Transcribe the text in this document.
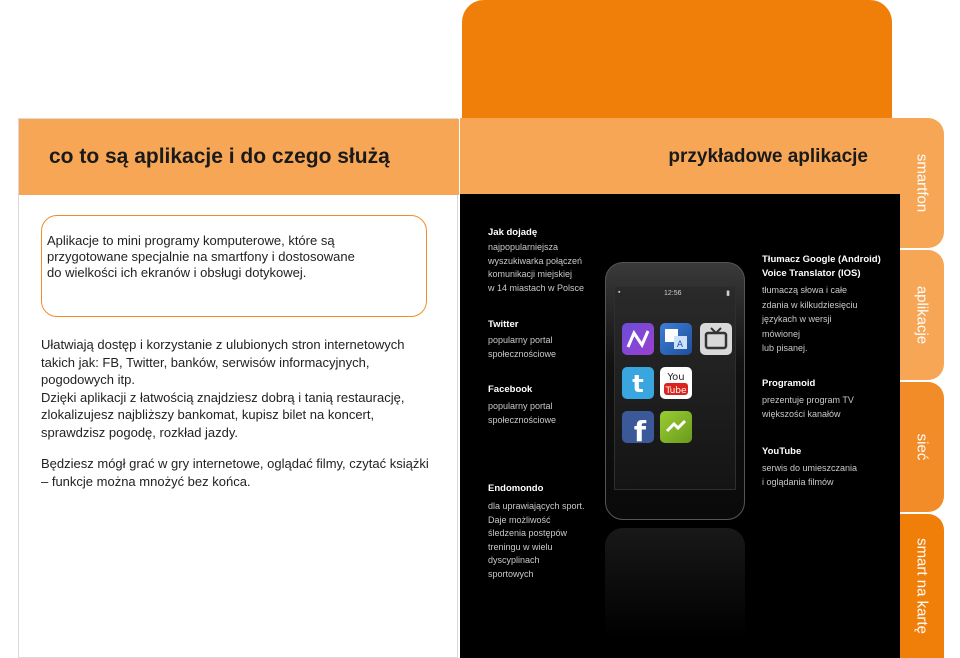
co to są aplikacje i do czego służą

Aplikacje to mini programy komputerowe, które są
przygotowane specjalnie na smartfony i dostosowane
do wielkości ich ekranów i obsługi dotykowej.

Ułatwiają dostęp i korzystanie z ulubionych stron internetowych
takich jak: FB, Twitter, banków, serwisów informacyjnych,
pogodowych itp.
Dzięki aplikacji z łatwością znajdziesz dobrą i tanią restaurację,
zlokalizujesz najbliższy bankomat, kupisz bilet na koncert,
sprawdzisz pogodę, rozkład jazdy.

Będziesz mógł grać w gry internetowe, oglądać filmy, czytać książki
– funkcje można mnożyć bez końca.

przykładowe aplikacje
Jak dojadę
najpopularniejsza
wyszukiwarka połączeń
komunikacji miejskiej
w 14 miastach w Polsce
Twitter
popularny portal
społecznościowe
Facebook
popularny portal
społecznościowe
Endomondo
dla uprawiających sport.
Daje możliwość
śledzenia postępów
treningu w wielu
dyscyplinach
sportowych
Tłumacz Google (Android)
Voice Translator (IOS)
tłumaczą słowa i całe
zdania w kilkudziesięciu
językach w wersji
mówionej
lub pisanej.
Programoid
prezentuje program TV
większości kanałów
YouTube
serwis do umieszczania
i oglądania filmów
12:56	▮
▪
A
t You
Tube
f
smartfon
aplikacje
sieć
smart na kartę
